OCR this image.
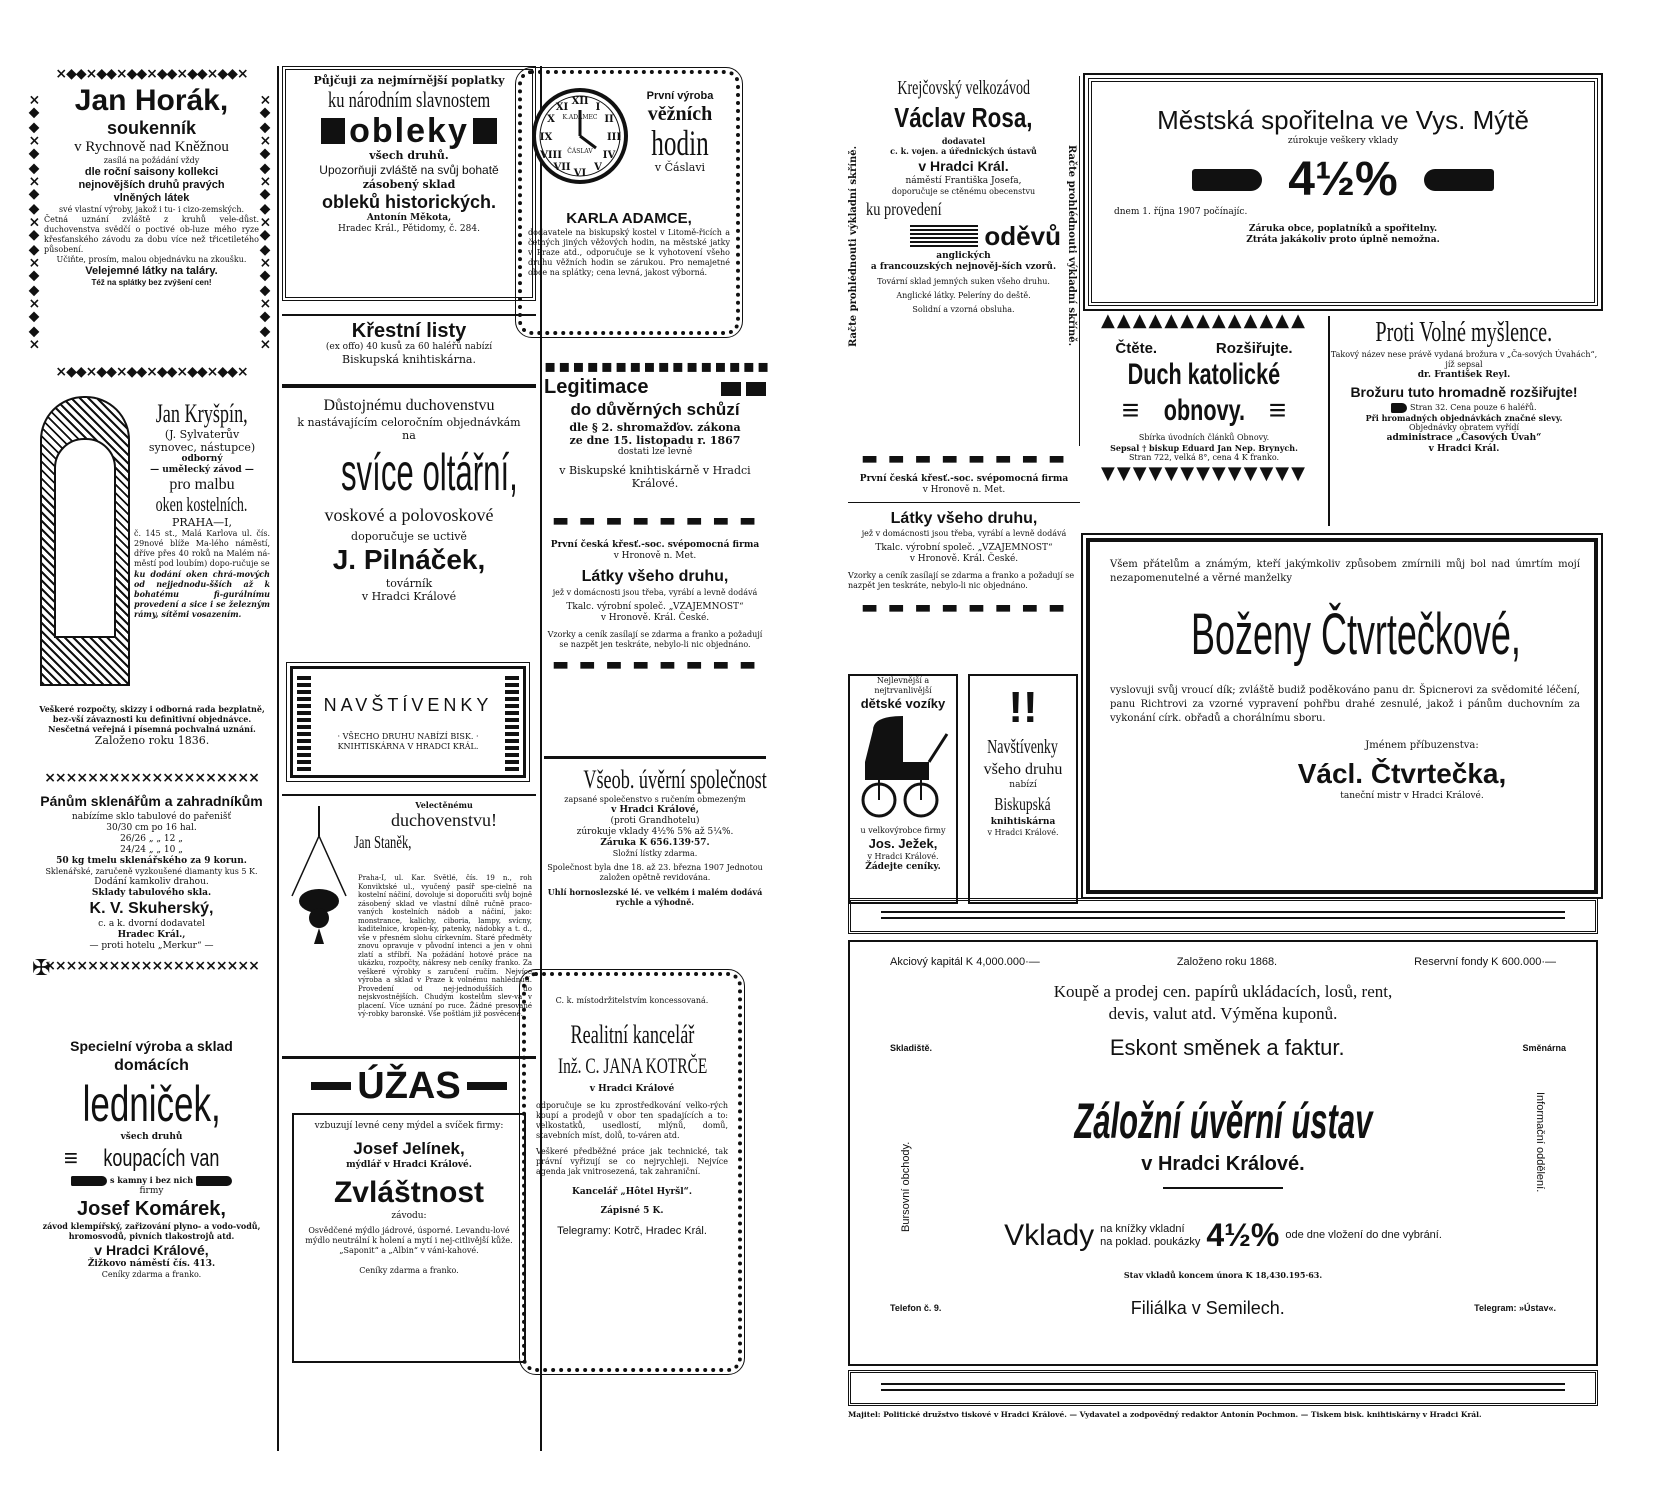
⨯◆◆⨯◆◆⨯◆◆⨯◆◆⨯◆◆⨯◆◆⨯
⨯◆◆⨯◆◆⨯◆◆⨯◆◆⨯◆◆⨯◆◆⨯	⨯◆◆⨯◆◆⨯◆◆⨯◆◆⨯◆◆⨯◆◆⨯
Jan Horák,
soukenník
v Rychnově nad Kněžnou
zasílá na požádání vždy
dle roční saisony kollekci
nejnovějších druhů pravých
vlněných látek
své vlastní výroby, jakož i tu- i cizo-zemských.
Četná uznání zvláště z kruhů vele-důst. duchovenstva svědčí o poctivé ob-luze mého ryze křesťanského závodu za dobu více než třicetiletého působení.
Učiňte, prosím, malou objednávku na zkoušku.
Velejemné látky na taláry.
Též na splátky bez zvýšení cen!
⨯◆◆⨯◆◆⨯◆◆⨯◆◆⨯◆◆⨯◆◆⨯
Půjčuji za nejmírnější poplatky
ku národním slavnostem
obleky
všech druhů.
Upozorňuji zvláště na svůj bohatě
zásobený sklad
obleků historických.
Antonín Měkota,
Hradec Král., Pětidomy, č. 284.
Křestní listy
(ex offo) 40 kusů za 60 haléřů nabízí
Biskupská knihtiskárna.
XII
III
VI
IX
I
II
IV
V
VII
VIII
X
XI
K.ADAMEC
ČÁSLAV
První výroba
věžních
hodin
v Čáslavi
KARLA ADAMCE,
dodavatele na biskupský kostel v Litomě-řicích a četných jiných věžových hodin, na městské jatky v Praze atd., odporučuje se k vyhotovení všeho druhu věžních hodin se zárukou. Pro nemajetné obce na splátky; cena levná, jakost výborná.
▪▪▪▪▪▪▪▪▪▪▪▪▪▪▪▪
Legitimace

do důvěrných schůzí
dle § 2. shromažďov. zákona
ze dne 15. listopadu r. 1867
dostati lze levně
v Biskupské knihtiskárně v Hradci Králové.
Jan Kryšpín,
(J. Sylvaterův
synovec, nástupce)
odborný
— umělecký závod —
pro malbu
oken kostelních.
PRAHA—I,
č. 145 st., Malá Karlova ul. čís. 29nové blíže Ma-lého náměstí, dříve přes 40 roků na Malém ná-městí pod loubím) dopo-ručuje se
ku dodání oken chrá-mových od nejjednodu-šších až k bohatému fi-gurálnímu provedení a sice i se železným rámy, sítěmi vosazením.
Veškeré rozpočty, skizzy i odborná rada bezplatně, bez-vší závaznosti ku definitivní objednávce.
Nesčetná veřejná i písemná pochvalná uznání.
Založeno roku 1836.
Důstojnému duchovenstvu
k nastávajícím celoročním objednávkám
na
svíce oltářní,
voskové a polovoskové
doporučuje se uctivě
J. Pilnáček,
továrník
v Hradci Králové
▬ ▬ ▬ ▬ ▬ ▬ ▬ ▬
První česká křesť.-soc. svépomocná firma
v Hronově n. Met.
Látky všeho druhu,
jež v domácnosti jsou třeba, vyrábí a levně dodává
Tkalc. výrobní společ. „VZAJEMNOST“
v Hronově. Král. České.
Vzorky a ceník zasílají se zdarma a franko a požadují se nazpět jen teskráte, nebylo-li nic objednáno.
▬ ▬ ▬ ▬ ▬ ▬ ▬ ▬
NAVŠTÍVENKY
· VŠECHO DRUHU NABÍZÍ BISK. ·
KNIHTISKÁRNA V HRADCI KRÁL.
Všeob. úvěrní společnost
zapsané společenstvo s ručením obmezeným
v Hradci Králové,
(proti Grandhotelu)
zúrokuje vklady 4½% 5% až 5¼%.
Záruka K 656.139·57.
Složní lístky zdarma.
Společnost byla dne 18. až 23. března 1907 Jednotou založen opětně revidována.
Uhlí hornoslezské lé. ve velkém i malém dodává rychle a výhodně.
⨯⨯⨯⨯⨯⨯⨯⨯⨯⨯⨯⨯⨯⨯⨯⨯⨯⨯⨯⨯
Pánům sklenářům a zahradníkům
nabízíme sklo tabulové do pařenišť
30/30 cm po 16 hal.
26/26 „ „ 12 „
24/24 „ „ 10 „
50 kg tmelu sklenářského za 9 korun.
Sklenářské, zaručeně vyzkoušené diamanty kus 5 K.
Dodání kamkoliv drahou.
Sklady tabulového skla.
K. V. Skuherský,
c. a k. dvorní dodavatel
Hradec Král.,
— proti hotelu „Merkur“ —
✠
⨯⨯⨯⨯⨯⨯⨯⨯⨯⨯⨯⨯⨯⨯⨯⨯⨯⨯⨯⨯
Velectěnému
duchovenstvu!
Jan Staněk,
Praha-I, ul. Kar. Světlé, čís. 19 n., roh Konviktské ul., vyučený pasíř spe-cielně na kostelní náčiní, dovoluje si doporučiti svůj bojně zásobený sklad ve vlastní dílně ručně praco-vaných kostelních nádob a náčiní, jako: monstrance, kalichy, ciboria, lampy, svícny, kaditelnice, kropen-ky, patenky, nádobky a t. d., vše v přesném slohu církevním. Staré předměty znovu opravuje v původní intenci a jen v ohni zlatí a stříbří. Na požádání hotové práce na ukázku, rozpočty, nákresy neb ceníky franko. Za veškeré výrobky s zaručení ručím. Nejvíce výroba a sklad v Praze k volnému nahlédnutí. Provedení od nej-jednodušších do nejskvostnějších. Chudým kostelům slev-va v placení. Více uznání po ruce. Žádné presované vý-robky baronské. Vše poštlám již posvěcené.
Specielní výroba a sklad
domácích
ledniček,
všech druhů
≡ koupacích van
s kamny i bez nich
firmy
Josef Komárek,
závod klempířský, zařizování plyno- a vodo-vodů, hromosvodů, pivních tlakostrojů atd.
v Hradci Králové,
Žižkovo náměstí čís. 413.
Ceníky zdarma a franko.
ÚŽAS
vzbuzují levné ceny mýdel a svíček firmy:
Josef Jelínek,
mýdlář v Hradci Králové.
Zvláštnost
závodu:
Osvědčené mýdlo jádrové, úsporné. Levandu-lové mýdlo neutrální k holení a mytí i nej-citlivější kůže. „Saponit“ a „Albin“ v váni-kahové.
Ceníky zdarma a franko.
C. k. místodržitelstvím koncessovaná.
Realitní kancelář
Inž. C. JANA KOTRČE
v Hradci Králové
odporučuje se ku zprostředkování velko-rých koupí a prodejů v obor ten spadajících a to: velkostatků, usedlostí, mlýnů, domů, stavebních míst, dolů, to-váren atd.
Veškeré předběžné práce jak technické, tak právní vyřizují se co nejrychleji. Nejvíce agenda jak vnitrosezená, tak zahraniční.
Kancelář „Hôtel Hyršl“.
Zápisné 5 K.
Telegramy: Kotrč, Hradec Král.
Račte prohlédnouti výkladní skříně.	Račte prohlédnouti výkladní skříně.
Krejčovský velkozávod
Václav Rosa,
dodavatel
c. k. vojen. a úřednických ústavů
v Hradci Král.
náměstí Františka Josefa,
doporučuje se ctěnému obecenstvu
ku provedení
oděvů
anglických
a francouzských nejnověj-ších vzorů.
Tovární sklad jemných suken všeho druhu.
Anglické látky. Peleríny do deště.
Solidní a vzorná obsluha.
Městská spořitelna ve Vys. Mýtě
zúrokuje veškery vklady
4½%
dnem 1. října 1907 počínajíc.
Záruka obce, poplatníků a spořitelny.
Ztráta jakákoliv proto úplně nemožna.
▲▲▲▲▲▲▲▲▲▲▲▲▲
Čtěte.	Rozšiřujte.
Duch katolické
≡ obnovy. ≡
Sbírka úvodních článků Obnovy.
Sepsal † biskup Eduard Jan Nep. Brynych.
Stran 722, velká 8°, cena 4 K franko.
▼▼▼▼▼▼▼▼▼▼▼▼▼
Proti Volné myšlence.
Takový název nese právě vydaná brožura v „Ča-sových Úvahách“, jíž sepsal
dr. František Reyl.
Brožuru tuto hromadně rozšiřujte!
Stran 32. Cena pouze 6 haléřů.
Při hromadných objednávkách značné slevy.
Objednávky obratem vyřídí
administrace „Časových Úvah“
v Hradci Král.
▬ ▬ ▬ ▬ ▬ ▬ ▬ ▬
První česká křesť.-soc. svépomocná firma
v Hronově n. Met.
Látky všeho druhu,
jež v domácnosti jsou třeba, vyrábí a levně dodává
Tkalc. výrobní společ. „VZAJEMNOST“
v Hronově. Král. České.
Vzorky a ceník zasílají se zdarma a franko a požadují se nazpět jen teskráte, nebylo-li nic objednáno.
▬ ▬ ▬ ▬ ▬ ▬ ▬ ▬
Nejlevnější a nejtrvanlivější
dětské vozíky
u velkovýrobce firmy
Jos. Ježek,
v Hradci Králové.
Žádejte ceníky.
!!
Navštívenky
všeho druhu
nabízí
Biskupská
knihtiskárna
v Hradci Králové.
Všem přátelům a známým, kteří jakýmkoliv způsobem zmírnili můj bol nad úmrtím mojí nezapomenutelné a věrné manželky
Boženy Čtvrtečkové,
vyslovuji svůj vroucí dík; zvláště budiž poděkováno panu dr. Špicnerovi za svědomité léčení, panu Richtrovi za vzorné vypravení pohřbu drahé zesnulé, jakož i pánům duchovním za vykonání círk. obřadů a chorálnímu sboru.
Jménem příbuzenstva:
Václ. Čtvrtečka,
taneční mistr v Hradci Králové.
Bursovní obchody.	Informační oddělení.
Akciový kapitál K 4,000.000·—	Založeno roku 1868.	Reservní fondy K 600.000·—
Koupě a prodej cen. papírů ukládacích, losů, rent,
devis, valut atd. Výměna kuponů.
Skladiště.	Eskont směnek a faktur.	Směnárna
Záložní úvěrní ústav
v Hradci Králové.
Vklady na knížky vkladní
na poklad. poukázky 4½% ode dne vložení do dne vybrání.
Stav vkladů koncem února K 18,430.195·63.
Telefon č. 9.	Filiálka v Semilech.	Telegram: »Ústav«.
Majitel: Politické družstvo tiskové v Hradci Králové. — Vydavatel a zodpovědný redaktor Antonín Pochmon. — Tiskem bisk. knihtiskárny v Hradci Král.
